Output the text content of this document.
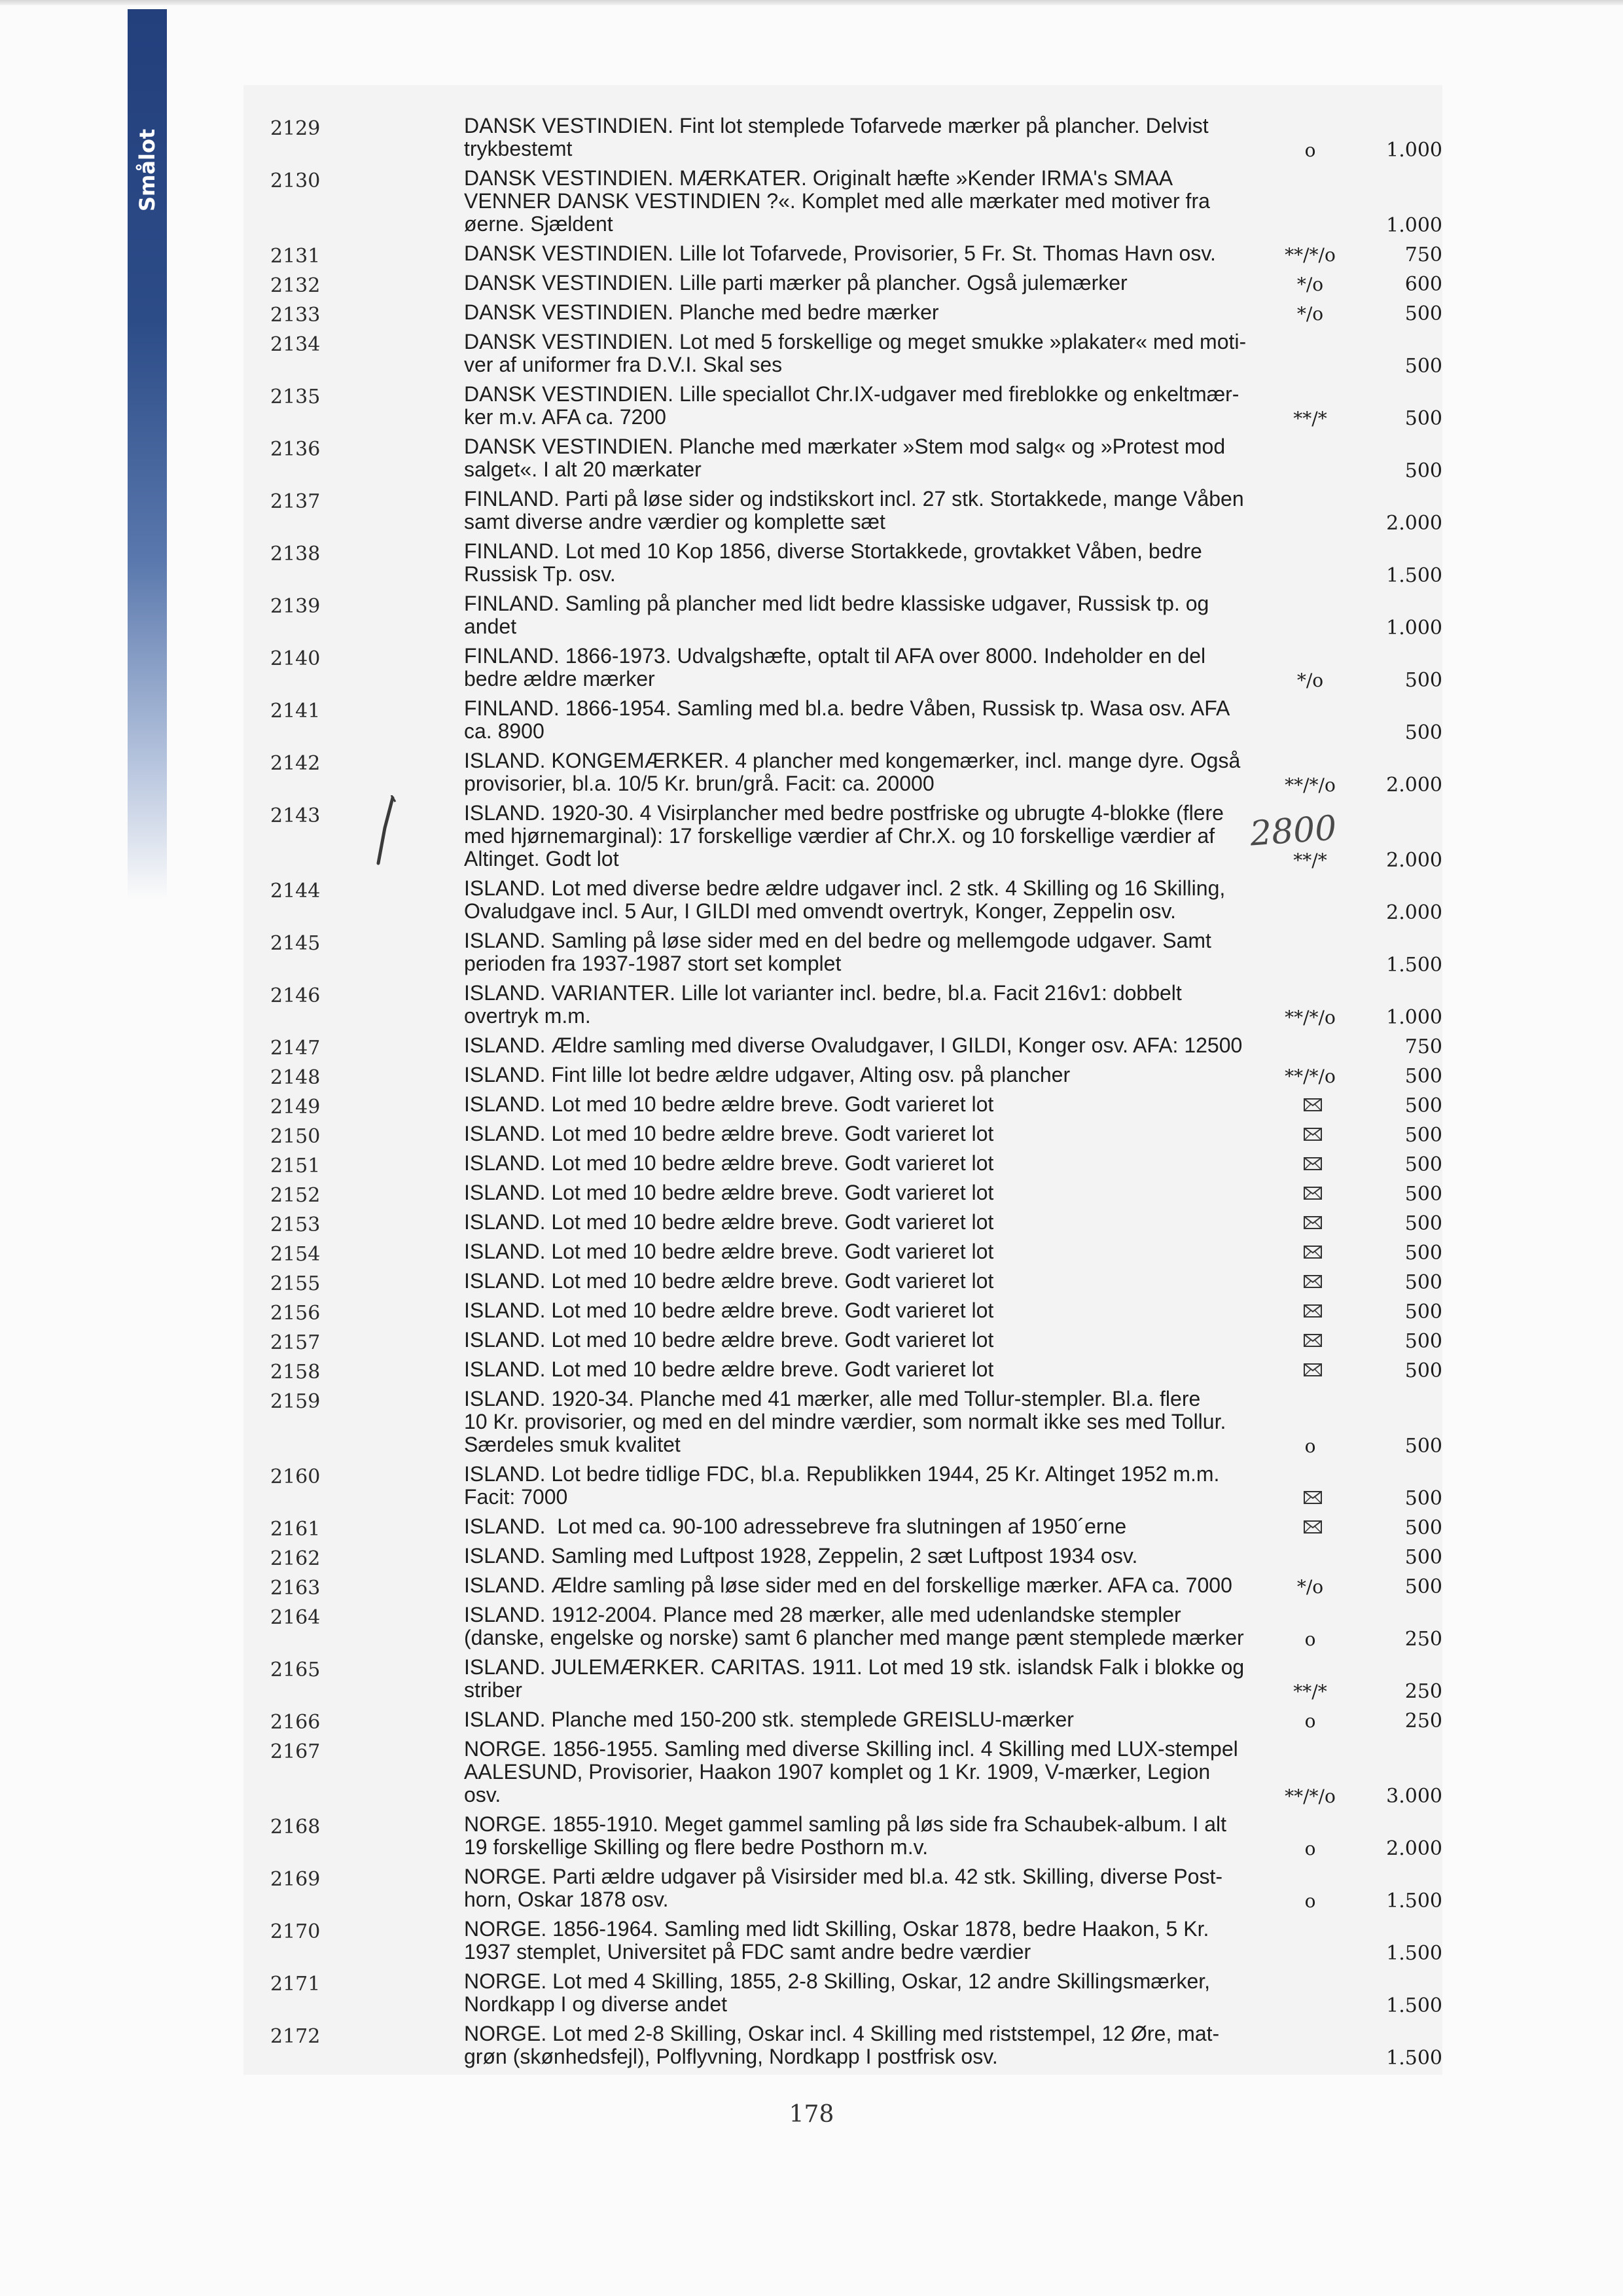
Smålot
2129	DANSK VESTINDIEN. Fint lot stemplede Tofarvede mærker på plancher. Delvist
trykbestemt	o	1.000
2130	DANSK VESTINDIEN. MÆRKATER. Originalt hæfte »Kender IRMA's SMAA
VENNER DANSK VESTINDIEN ?«. Komplet med alle mærkater med motiver fra
øerne. Sjældent	1.000
2131	DANSK VESTINDIEN. Lille lot Tofarvede, Provisorier, 5 Fr. St. Thomas Havn osv.	**/*/o	750
2132	DANSK VESTINDIEN. Lille parti mærker på plancher. Også julemærker	*/o	600
2133	DANSK VESTINDIEN. Planche med bedre mærker	*/o	500
2134	DANSK VESTINDIEN. Lot med 5 forskellige og meget smukke »plakater« med moti-
ver af uniformer fra D.V.I. Skal ses	500
2135	DANSK VESTINDIEN. Lille speciallot Chr.IX-udgaver med fireblokke og enkeltmær-
ker m.v. AFA ca. 7200	**/*	500
2136	DANSK VESTINDIEN. Planche med mærkater »Stem mod salg« og »Protest mod
salget«. I alt 20 mærkater	500
2137	FINLAND. Parti på løse sider og indstikskort incl. 27 stk. Stortakkede, mange Våben
samt diverse andre værdier og komplette sæt	2.000
2138	FINLAND. Lot med 10 Kop 1856, diverse Stortakkede, grovtakket Våben, bedre
Russisk Tp. osv.	1.500
2139	FINLAND. Samling på plancher med lidt bedre klassiske udgaver, Russisk tp. og
andet	1.000
2140	FINLAND. 1866-1973. Udvalgshæfte, optalt til AFA over 8000. Indeholder en del
bedre ældre mærker	*/o	500
2141	FINLAND. 1866-1954. Samling med bl.a. bedre Våben, Russisk tp. Wasa osv. AFA
ca. 8900	500
2142	ISLAND. KONGEMÆRKER. 4 plancher med kongemærker, incl. mange dyre. Også
provisorier, bl.a. 10/5 Kr. brun/grå. Facit: ca. 20000	**/*/o	2.000
2143	ISLAND. 1920-30. 4 Visirplancher med bedre postfriske og ubrugte 4-blokke (flere
med hjørnemarginal): 17 forskellige værdier af Chr.X. og 10 forskellige værdier af
Altinget. Godt lot	**/*	2.000
2144	ISLAND. Lot med diverse bedre ældre udgaver incl. 2 stk. 4 Skilling og 16 Skilling,
Ovaludgave incl. 5 Aur, I GILDI med omvendt overtryk, Konger, Zeppelin osv.	2.000
2145	ISLAND. Samling på løse sider med en del bedre og mellemgode udgaver. Samt
perioden fra 1937-1987 stort set komplet	1.500
2146	ISLAND. VARIANTER. Lille lot varianter incl. bedre, bl.a. Facit 216v1: dobbelt
overtryk m.m.	**/*/o	1.000
2147	ISLAND. Ældre samling med diverse Ovaludgaver, I GILDI, Konger osv. AFA: 12500	750
2148	ISLAND. Fint lille lot bedre ældre udgaver, Alting osv. på plancher	**/*/o	500
2149	ISLAND. Lot med 10 bedre ældre breve. Godt varieret lot	500
2150	ISLAND. Lot med 10 bedre ældre breve. Godt varieret lot	500
2151	ISLAND. Lot med 10 bedre ældre breve. Godt varieret lot	500
2152	ISLAND. Lot med 10 bedre ældre breve. Godt varieret lot	500
2153	ISLAND. Lot med 10 bedre ældre breve. Godt varieret lot	500
2154	ISLAND. Lot med 10 bedre ældre breve. Godt varieret lot	500
2155	ISLAND. Lot med 10 bedre ældre breve. Godt varieret lot	500
2156	ISLAND. Lot med 10 bedre ældre breve. Godt varieret lot	500
2157	ISLAND. Lot med 10 bedre ældre breve. Godt varieret lot	500
2158	ISLAND. Lot med 10 bedre ældre breve. Godt varieret lot	500
2159	ISLAND. 1920-34. Planche med 41 mærker, alle med Tollur-stempler. Bl.a. flere
10 Kr. provisorier, og med en del mindre værdier, som normalt ikke ses med Tollur.
Særdeles smuk kvalitet	o	500
2160	ISLAND. Lot bedre tidlige FDC, bl.a. Republikken 1944, 25 Kr. Altinget 1952 m.m.
Facit: 7000	500
2161	ISLAND.  Lot med ca. 90-100 adressebreve fra slutningen af 1950´erne	500
2162	ISLAND. Samling med Luftpost 1928, Zeppelin, 2 sæt Luftpost 1934 osv.	500
2163	ISLAND. Ældre samling på løse sider med en del forskellige mærker. AFA ca. 7000	*/o	500
2164	ISLAND. 1912-2004. Plance med 28 mærker, alle med udenlandske stempler
(danske, engelske og norske) samt 6 plancher med mange pænt stemplede mærker	o	250
2165	ISLAND. JULEMÆRKER. CARITAS. 1911. Lot med 19 stk. islandsk Falk i blokke og
striber	**/*	250
2166	ISLAND. Planche med 150-200 stk. stemplede GREISLU-mærker	o	250
2167	NORGE. 1856-1955. Samling med diverse Skilling incl. 4 Skilling med LUX-stempel
AALESUND, Provisorier, Haakon 1907 komplet og 1 Kr. 1909, V-mærker, Legion
osv.	**/*/o	3.000
2168	NORGE. 1855-1910. Meget gammel samling på løs side fra Schaubek-album. I alt
19 forskellige Skilling og flere bedre Posthorn m.v.	o	2.000
2169	NORGE. Parti ældre udgaver på Visirsider med bl.a. 42 stk. Skilling, diverse Post-
horn, Oskar 1878 osv.	o	1.500
2170	NORGE. 1856-1964. Samling med lidt Skilling, Oskar 1878, bedre Haakon, 5 Kr.
1937 stemplet, Universitet på FDC samt andre bedre værdier	1.500
2171	NORGE. Lot med 4 Skilling, 1855, 2-8 Skilling, Oskar, 12 andre Skillingsmærker,
Nordkapp I og diverse andet	1.500
2172	NORGE. Lot med 2-8 Skilling, Oskar incl. 4 Skilling med riststempel, 12 Øre, mat-
grøn (skønhedsfejl), Polflyvning, Nordkapp I postfrisk osv.	1.500
2800
178
